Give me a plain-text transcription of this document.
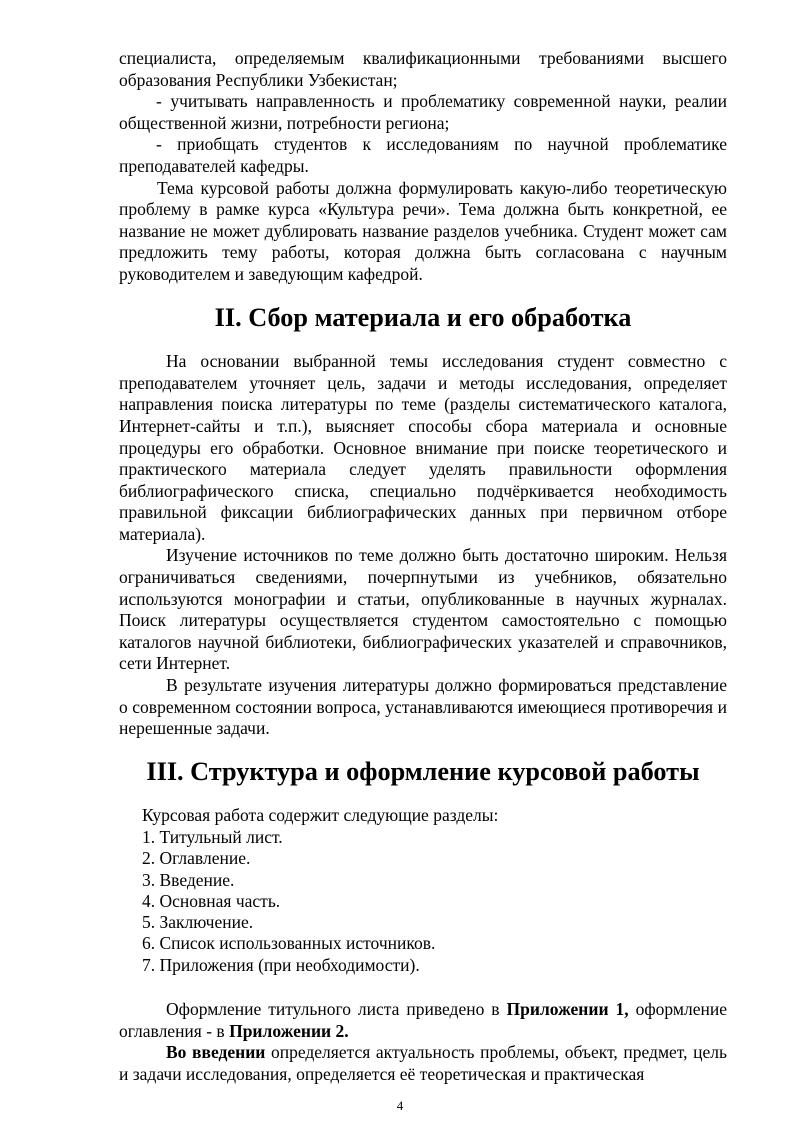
специалиста, определяемым квалификационными требованиями высшего образования Республики Узбекистан;

- учитывать направленность и проблематику современной науки, реалии общественной жизни, потребности региона;

- приобщать студентов к исследованиям по научной проблематике преподавателей кафедры.

Тема курсовой работы должна формулировать какую-либо теоретическую проблему в рамке курса «Культура речи». Тема должна быть конкретной, ее название не может дублировать название разделов учебника. Студент может сам предложить тему работы, которая должна быть согласована с научным руководителем и заведующим кафедрой.

II. Сбор материала и его обработка

На основании выбранной темы исследования студент совместно с преподавателем уточняет цель, задачи и методы исследования, определяет направления поиска литературы по теме (разделы систематического каталога, Интернет-сайты и т.п.), выясняет способы сбора материала и основные процедуры его обработки. Основное внимание при поиске теоретического и практического материала следует уделять правильности оформления библиографического списка, специально подчёркивается необходимость правильной фиксации библиографических данных при первичном отборе материала).

Изучение источников по теме должно быть достаточно широким. Нельзя ограничиваться сведениями, почерпнутыми из учебников, обязательно используются монографии и статьи, опубликованные в научных журналах. Поиск литературы осуществляется студентом самостоятельно с помощью каталогов научной библиотеки, библиографических указателей и справочников, сети Интернет.

В результате изучения литературы должно формироваться представление о современном состоянии вопроса, устанавливаются имеющиеся противоречия и нерешенные задачи.

III. Структура и оформление курсовой работы

Курсовая работа содержит следующие разделы:

1. Титульный лист.
2. Оглавление.
3. Введение.
4. Основная часть.
5. Заключение.
6. Список использованных источников.
7. Приложения (при необходимости).

Оформление титульного листа приведено в Приложении 1, оформление оглавления - в Приложении 2.

Во введении определяется актуальность проблемы, объект, предмет, цель и задачи исследования, определяется её теоретическая и практическая

4
